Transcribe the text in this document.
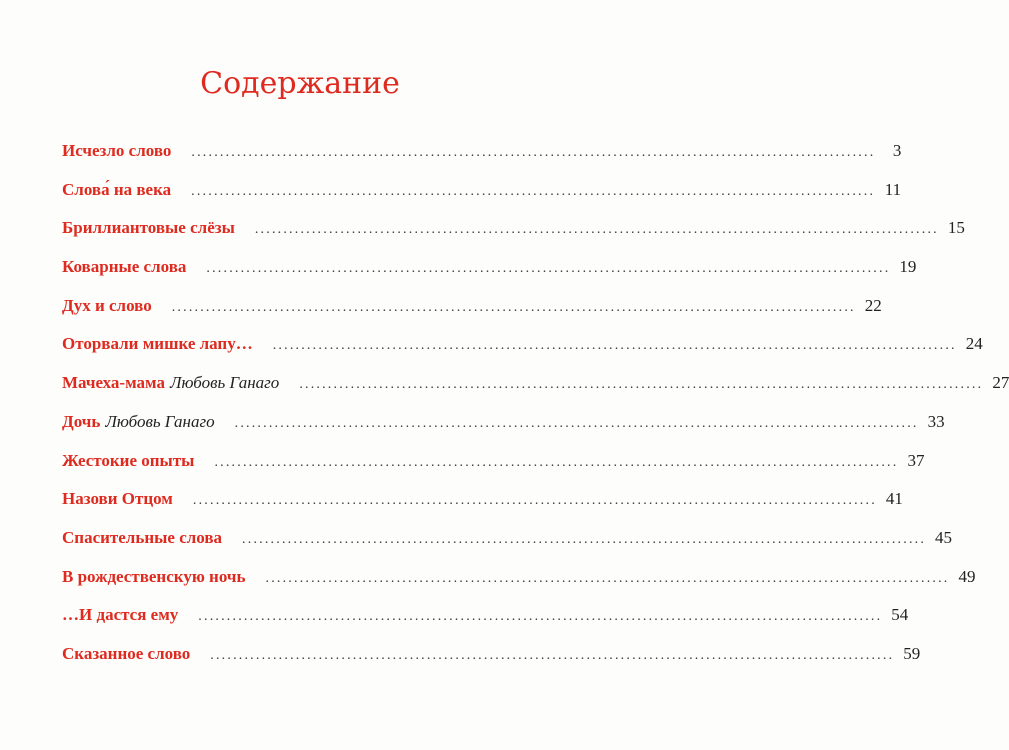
Содержание
Исчезло слово ........................................................................................................................	3
Слова́ на века ........................................................................................................................ 11
Бриллиантовые слёзы ........................................................................................................................ 15
Коварные слова ........................................................................................................................ 19
Дух и слово ........................................................................................................................ 22
Оторвали мишке лапу… ........................................................................................................................ 24
Мачеха-мама Любовь Ганаго ........................................................................................................................ 27
Дочь Любовь Ганаго ........................................................................................................................ 33
Жестокие опыты ........................................................................................................................ 37
Назови Отцом ........................................................................................................................ 41
Спасительные слова ........................................................................................................................ 45
В рождественскую ночь ........................................................................................................................ 49
…И дастся ему ........................................................................................................................ 54
Сказанное слово ........................................................................................................................ 59
